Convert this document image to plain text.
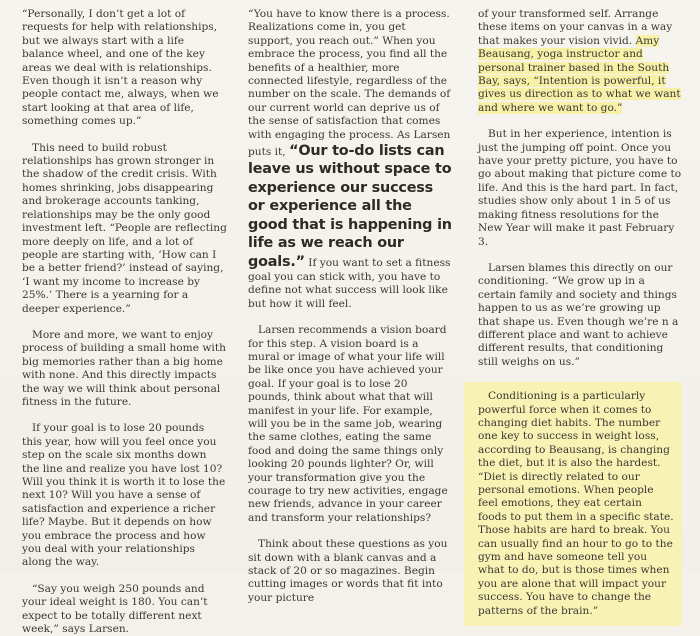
“Personally, I don’t get a lot of requests for help with relationships, but we always start with a life balance wheel, and one of the key areas we deal with is relationships. Even though it isn’t a reason why people contact me, always, when we start looking at that area of life, something comes up.”

This need to build robust relationships has grown stronger in the shadow of the credit crisis. With homes shrinking, jobs disappearing and brokerage accounts tanking, relationships may be the only good investment left. “People are reflecting more deeply on life, and a lot of people are starting with, ‘How can I be a better friend?’ instead of saying, ‘I want my income to increase by 25%.’ There is a yearning for a deeper experience.”

More and more, we want to enjoy process of building a small home with big memories rather than a big home with none. And this directly impacts the way we will think about personal fitness in the future.

If your goal is to lose 20 pounds this year, how will you feel once you step on the scale six months down the line and realize you have lost 10? Will you think it is worth it to lose the next 10? Will you have a sense of satisfaction and experience a richer life? Maybe. But it depends on how you embrace the process and how you deal with your relationships along the way.

“Say you weigh 250 pounds and your ideal weight is 180. You can’t expect to be totally different next week,” says Larsen.

“You have to know there is a process. Realizations come in, you get support, you reach out.” When you embrace the process, you find all the benefits of a healthier, more connected lifestyle, regardless of the number on the scale. The demands of our current world can deprive us of the sense of satisfaction that comes with engaging the process. As Larsen puts it, “Our to-do lists can leave us without space to experience our success or experience all the good that is happening in life as we reach our goals.” If you want to set a fitness goal you can stick with, you have to define not what success will look like but how it will feel.

Larsen recommends a vision board for this step. A vision board is a mural or image of what your life will be like once you have achieved your goal. If your goal is to lose 20 pounds, think about what that will manifest in your life. For example, will you be in the same job, wearing the same clothes, eating the same food and doing the same things only looking 20 pounds lighter? Or, will your transformation give you the courage to try new activities, engage new friends, advance in your career and transform your relationships?

Think about these questions as you sit down with a blank canvas and a stack of 20 or so magazines. Begin cutting images or words that fit into your picture

of your transformed self. Arrange these items on your canvas in a way that makes your vision vivid. Amy Beausang, yoga instructor and personal trainer based in the South Bay, says, “Intention is powerful, it gives us direction as to what we want and where we want to go.”

But in her experience, intention is just the jumping off point. Once you have your pretty picture, you have to go about making that picture come to life. And this is the hard part. In fact, studies show only about 1 in 5 of us making fitness resolutions for the New Year will make it past February 3.

Larsen blames this directly on our conditioning. “We grow up in a certain family and society and things happen to us as we’re growing up that shape us. Even though we’re n a different place and want to achieve different results, that conditioning still weighs on us.”

Conditioning is a particularly powerful force when it comes to changing diet habits. The number one key to success in weight loss, according to Beausang, is changing the diet, but it is also the hardest. “Diet is directly related to our personal emotions. When people feel emotions, they eat certain foods to put them in a specific state. Those habits are hard to break. You can usually find an hour to go to the gym and have someone tell you what to do, but is those times when you are alone that will impact your success. You have to change the patterns of the brain.”
